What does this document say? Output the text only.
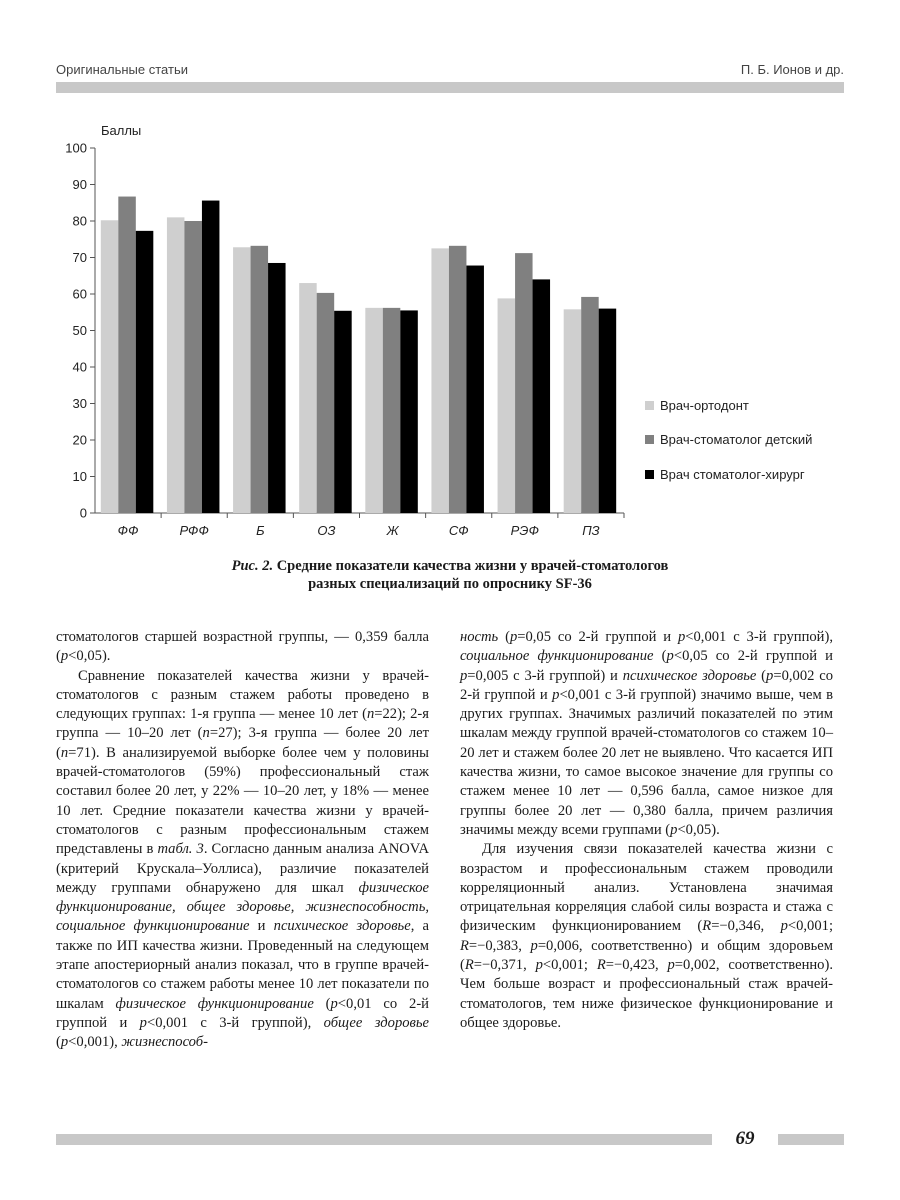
Оригинальные статьи	П. Б. Ионов и др.
Баллы
0
10
20
30
40
50
60
70
80
90
100
ФФ	РФФ	Б	ОЗ	Ж	СФ	РЭФ	ПЗ
Врач-ортодонт
Врач-стоматолог детский
Врач стоматолог-хирург
Рис. 2. Средние показатели качества жизни у врачей-стоматологов
разных специализаций по опроснику SF-36

стоматологов старшей возрастной группы, — 0,359 балла (p<0,05).

Сравнение показателей качества жизни у врачей-стоматологов с разным стажем работы проведено в следующих группах: 1-я группа — менее 10 лет (n=22); 2-я группа — 10–20 лет (n=27); 3-я группа — более 20 лет (n=71). В анализируемой выборке более чем у половины врачей-стоматологов (59%) профессиональный стаж составил более 20 лет, у 22% — 10–20 лет, у 18% — менее 10 лет. Средние показатели качества жизни у врачей-стоматологов с разным профессиональным стажем представлены в табл. 3. Согласно данным анализа ANOVA (критерий Крускала–Уоллиса), различие показателей между группами обнаружено для шкал физическое функционирование, общее здоровье, жизнеспособность, социальное функционирование и психическое здоровье, а также по ИП качества жизни. Проведенный на следующем этапе апостериорный анализ показал, что в группе врачей-стоматологов со стажем работы менее 10 лет показатели по шкалам физическое функционирование (p<0,01 со 2-й группой и p<0,001 с 3-й группой), общее здоровье (p<0,001), жизнеспособ-

ность (p=0,05 со 2-й группой и p<0,001 с 3-й группой), социальное функционирование (p<0,05 со 2-й группой и p=0,005 с 3-й группой) и психическое здоровье (p=0,002 со 2-й группой и p<0,001 с 3-й группой) значимо выше, чем в других группах. Значимых различий показателей по этим шкалам между группой врачей-стоматологов со стажем 10–20 лет и стажем более 20 лет не выявлено. Что касается ИП качества жизни, то самое высокое значение для группы со стажем менее 10 лет — 0,596 балла, самое низкое для группы более 20 лет — 0,380 балла, причем различия значимы между всеми группами (p<0,05).

Для изучения связи показателей качества жизни с возрастом и профессиональным стажем проводили корреляционный анализ. Установлена значимая отрицательная корреляция слабой силы возраста и стажа с физическим функционированием (R=−0,346, p<0,001; R=−0,383, p=0,006, соответственно) и общим здоровьем (R=−0,371, p<0,001; R=−0,423, p=0,002, соответственно). Чем больше возраст и профессиональный стаж врачей-стоматологов, тем ниже физическое функционирование и общее здоровье.

69
